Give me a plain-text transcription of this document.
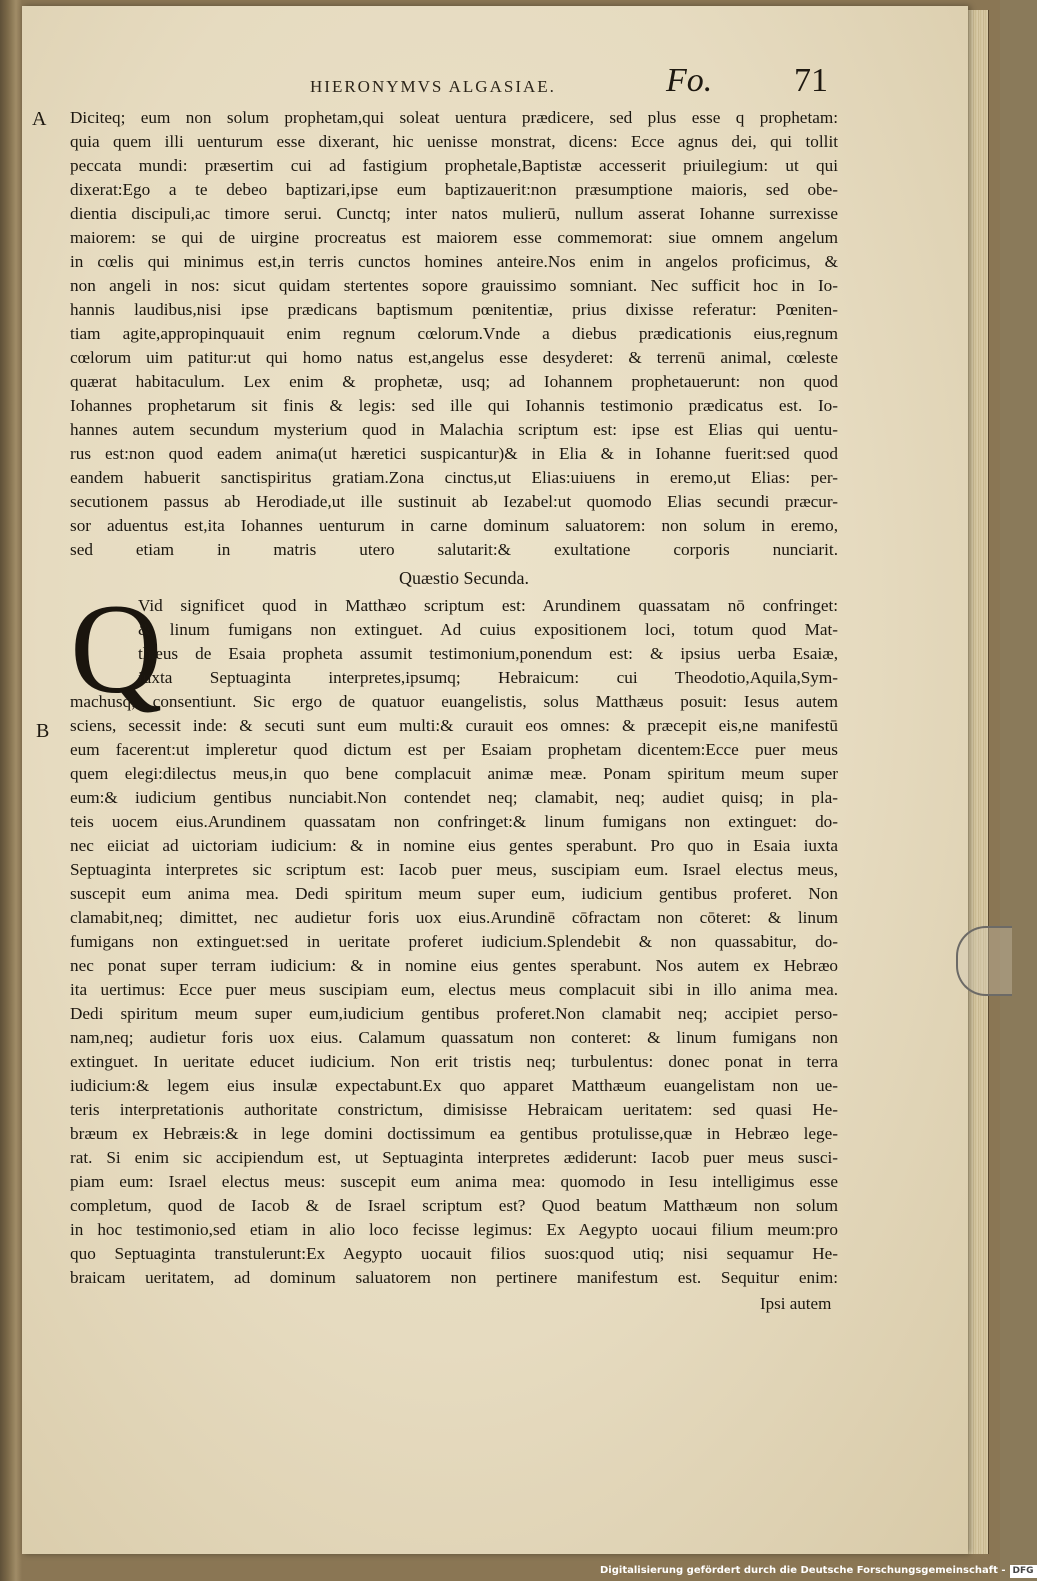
HIERONYMVS ALGASIAE.	Fo. 71
A
B
Diciteq; eum non solum prophetam,qui soleat uentura prædicere, sed plus esse q prophetam:
quia quem illi uenturum esse dixerant, hic uenisse monstrat, dicens: Ecce agnus dei, qui tollit
peccata mundi: præsertim cui ad fastigium prophetale,Baptistæ accesserit priuilegium: ut qui
dixerat:Ego a te debeo baptizari,ipse eum baptizauerit:non præsumptione maioris, sed obe-
dientia discipuli,ac timore serui. Cunctq; inter natos mulierū, nullum asserat Iohanne surrexisse
maiorem: se qui de uirgine procreatus est maiorem esse commemorat: siue omnem angelum
in cœlis qui minimus est,in terris cunctos homines anteire.Nos enim in angelos proficimus, &
non angeli in nos: sicut quidam stertentes sopore grauissimo somniant. Nec sufficit hoc in Io-
hannis laudibus,nisi ipse prædicans baptismum pœnitentiæ, prius dixisse referatur: Pœniten-
tiam agite,appropinquauit enim regnum cœlorum.Vnde a diebus prædicationis eius,regnum
cœlorum uim patitur:ut qui homo natus est,angelus esse desyderet: & terrenū animal, cœleste
quærat habitaculum. Lex enim & prophetæ, usq; ad Iohannem prophetauerunt: non quod
Iohannes prophetarum sit finis & legis: sed ille qui Iohannis testimonio prædicatus est. Io-
hannes autem secundum mysterium quod in Malachia scriptum est: ipse est Elias qui uentu-
rus est:non quod eadem anima(ut hæretici suspicantur)& in Elia & in Iohanne fuerit:sed quod
eandem habuerit sanctispiritus gratiam.Zona cinctus,ut Elias:uiuens in eremo,ut Elias: per-
secutionem passus ab Herodiade,ut ille sustinuit ab Iezabel:ut quomodo Elias secundi præcur-
sor aduentus est,ita Iohannes uenturum in carne dominum saluatorem: non solum in eremo,
sed etiam in matris utero salutarit:& exultatione corporis nunciarit.
Quæstio Secunda.
Q
Vid significet quod in Matthæo scriptum est: Arundinem quassatam nō confringet:
& linum fumigans non extinguet. Ad cuius expositionem loci, totum quod Mat-
thæus de Esaia propheta assumit testimonium,ponendum est: & ipsius uerba Esaiæ,
iuxta Septuaginta interpretes,ipsumq; Hebraicum: cui Theodotio,Aquila,Sym-
machusq; consentiunt. Sic ergo de quatuor euangelistis, solus Matthæus posuit: Iesus autem
sciens, secessit inde: & secuti sunt eum multi:& curauit eos omnes: & præcepit eis,ne manifestū
eum facerent:ut impleretur quod dictum est per Esaiam prophetam dicentem:Ecce puer meus
quem elegi:dilectus meus,in quo bene complacuit animæ meæ. Ponam spiritum meum super
eum:& iudicium gentibus nunciabit.Non contendet neq; clamabit, neq; audiet quisq; in pla-
teis uocem eius.Arundinem quassatam non confringet:& linum fumigans non extinguet: do-
nec eiiciat ad uictoriam iudicium: & in nomine eius gentes sperabunt. Pro quo in Esaia iuxta
Septuaginta interpretes sic scriptum est: Iacob puer meus, suscipiam eum. Israel electus meus,
suscepit eum anima mea. Dedi spiritum meum super eum, iudicium gentibus proferet. Non
clamabit,neq; dimittet, nec audietur foris uox eius.Arundinē cōfractam non cōteret: & linum
fumigans non extinguet:sed in ueritate proferet iudicium.Splendebit & non quassabitur, do-
nec ponat super terram iudicium: & in nomine eius gentes sperabunt. Nos autem ex Hebræo
ita uertimus: Ecce puer meus suscipiam eum, electus meus complacuit sibi in illo anima mea.
Dedi spiritum meum super eum,iudicium gentibus proferet.Non clamabit neq; accipiet perso-
nam,neq; audietur foris uox eius. Calamum quassatum non conteret: & linum fumigans non
extinguet. In ueritate educet iudicium. Non erit tristis neq; turbulentus: donec ponat in terra
iudicium:& legem eius insulæ expectabunt.Ex quo apparet Matthæum euangelistam non ue-
teris interpretationis authoritate constrictum, dimisisse Hebraicam ueritatem: sed quasi He-
bræum ex Hebræis:& in lege domini doctissimum ea gentibus protulisse,quæ in Hebræo lege-
rat. Si enim sic accipiendum est, ut Septuaginta interpretes ædiderunt: Iacob puer meus susci-
piam eum: Israel electus meus: suscepit eum anima mea: quomodo in Iesu intelligimus esse
completum, quod de Iacob & de Israel scriptum est? Quod beatum Matthæum non solum
in hoc testimonio,sed etiam in alio loco fecisse legimus: Ex Aegypto uocaui filium meum:pro
quo Septuaginta transtulerunt:Ex Aegypto uocauit filios suos:quod utiq; nisi sequamur He-
braicam ueritatem, ad dominum saluatorem non pertinere manifestum est. Sequitur enim:
Ipsi autem
Digitalisierung gefördert durch die Deutsche Forschungsgemeinschaft - DFG
